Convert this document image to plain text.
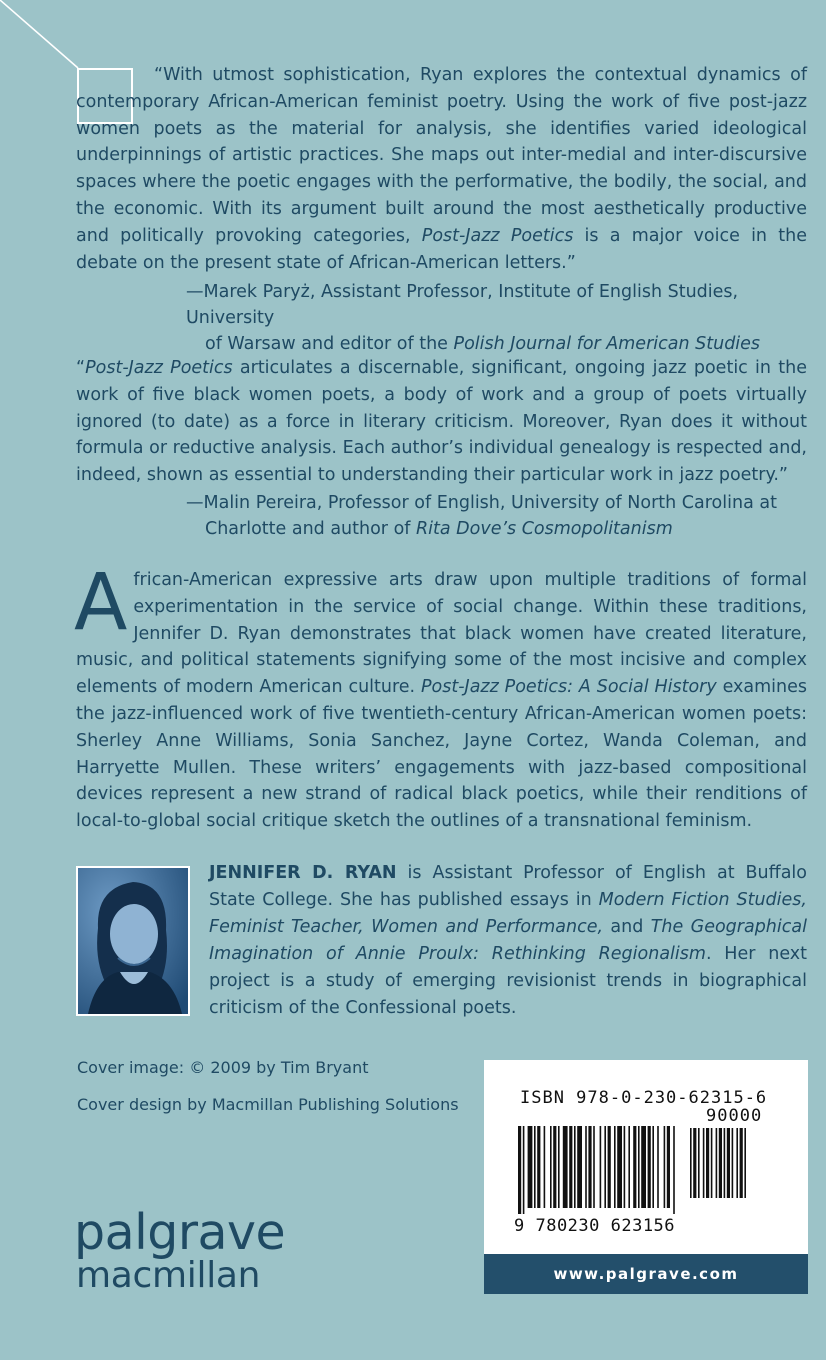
“With utmost sophistication, Ryan explores the contextual dynamics of contemporary African-American feminist poetry. Using the work of five post-jazz women poets as the material for analysis, she identifies varied ideological underpinnings of artistic practices. She maps out inter-medial and inter-discursive spaces where the poetic engages with the performative, the bodily, the social, and the economic. With its argument built around the most aesthetically productive and politically provoking categories, Post-Jazz Poetics is a major voice in the debate on the present state of African-American letters.”

—Marek Paryż, Assistant Professor, Institute of English Studies, University
of Warsaw and editor of the Polish Journal for American Studies

“Post-Jazz Poetics articulates a discernable, significant, ongoing jazz poetic in the work of five black women poets, a body of work and a group of poets virtually ignored (to date) as a force in literary criticism. Moreover, Ryan does it without formula or reductive analysis. Each author’s individual genealogy is respected and, indeed, shown as essential to understanding their particular work in jazz poetry.”

—Malin Pereira, Professor of English, University of North Carolina at
Charlotte and author of Rita Dove’s Cosmopolitanism

African-American expressive arts draw upon multiple traditions of formal experimentation in the service of social change. Within these traditions, Jennifer D. Ryan demonstrates that black women have created literature, music, and political statements signifying some of the most incisive and complex elements of modern American culture. Post-Jazz Poetics: A Social History examines the jazz-influenced work of five twentieth-century African-American women poets: Sherley Anne Williams, Sonia Sanchez, Jayne Cortez, Wanda Coleman, and Harryette Mullen. These writers’ engagements with jazz-based compositional devices represent a new strand of radical black poetics, while their renditions of local-to-global social critique sketch the outlines of a transnational feminism.

JENNIFER D. RYAN is Assistant Professor of English at Buffalo State College. She has published essays in Modern Fiction Studies, Feminist Teacher, Women and Performance, and The Geographical Imagination of Annie Proulx: Rethinking Regionalism. Her next project is a study of emerging revisionist trends in biographical criticism of the Confessional poets.

Cover image: © 2009 by Tim Bryant

Cover design by Macmillan Publishing Solutions

palgrave
macmillan
ISBN 978-0-230-62315-6
90000
9 780230 623156
www.palgrave.com
